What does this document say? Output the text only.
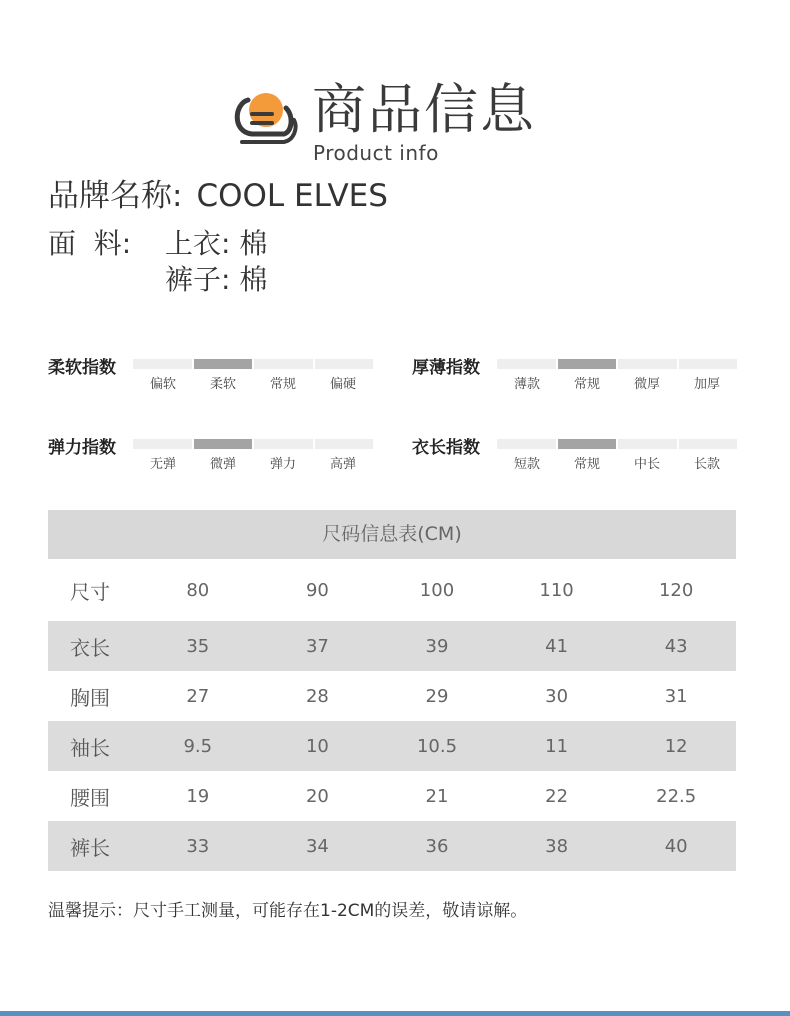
商品信息
Product info
品牌名称: COOL ELVES
面  料: 上衣: 棉
裤子: 棉
柔软指数
偏软	柔软	常规	偏硬
厚薄指数
薄款	常规	微厚	加厚
弹力指数
无弹	微弹	弹力	高弹
衣长指数
短款	常规	中长	长款
尺码信息表(CM)
尺寸	80	90	100	110	120
衣长	35	37	39	41	43
胸围	27	28	29	30	31
袖长	9.5	10	10.5	11	12
腰围	19	20	21	22	22.5
裤长	33	34	36	38	40
温馨提示：尺寸手工测量，可能存在1-2CM的误差，敬请谅解。
